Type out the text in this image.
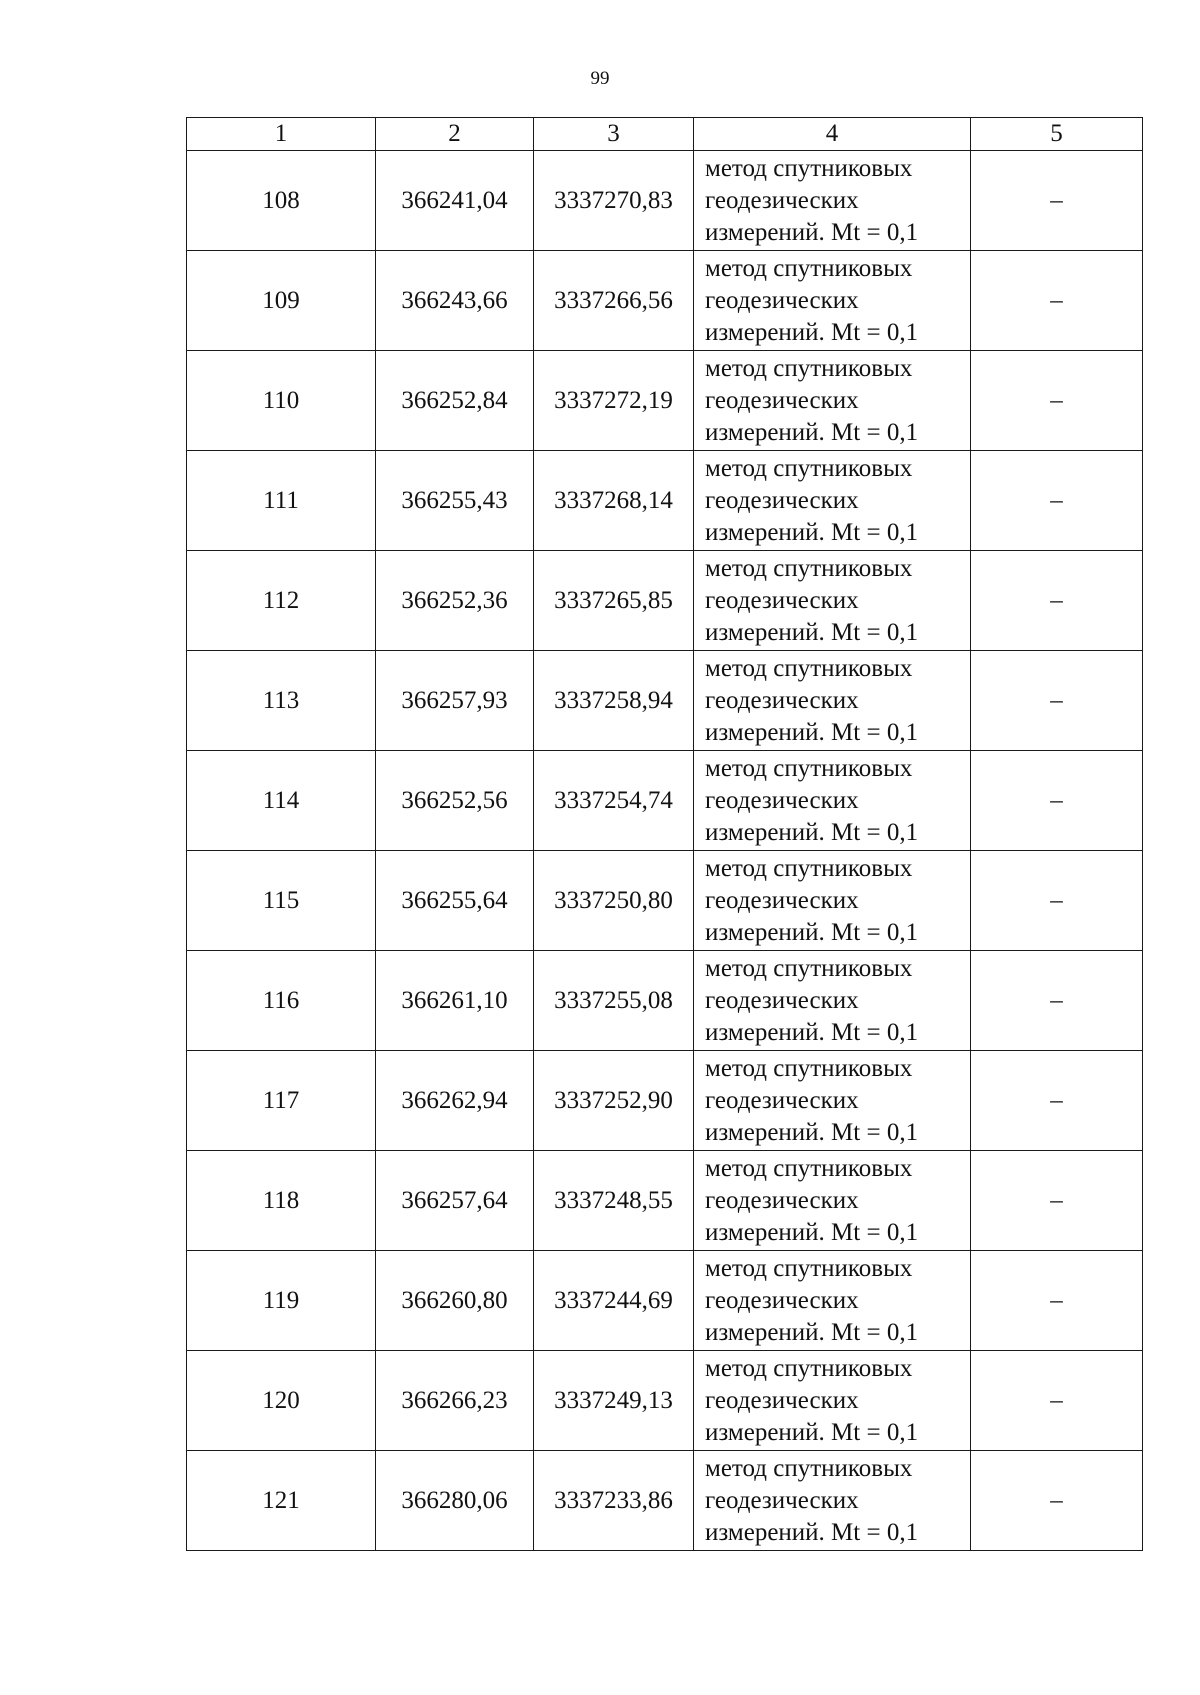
99
1	2	3	4	5
108	366241,04	3337270,83	метод спутниковых
геодезических
измерений. Mt = 0,1	–
109	366243,66	3337266,56	метод спутниковых
геодезических
измерений. Mt = 0,1	–
110	366252,84	3337272,19	метод спутниковых
геодезических
измерений. Mt = 0,1	–
111	366255,43	3337268,14	метод спутниковых
геодезических
измерений. Mt = 0,1	–
112	366252,36	3337265,85	метод спутниковых
геодезических
измерений. Mt = 0,1	–
113	366257,93	3337258,94	метод спутниковых
геодезических
измерений. Mt = 0,1	–
114	366252,56	3337254,74	метод спутниковых
геодезических
измерений. Mt = 0,1	–
115	366255,64	3337250,80	метод спутниковых
геодезических
измерений. Mt = 0,1	–
116	366261,10	3337255,08	метод спутниковых
геодезических
измерений. Mt = 0,1	–
117	366262,94	3337252,90	метод спутниковых
геодезических
измерений. Mt = 0,1	–
118	366257,64	3337248,55	метод спутниковых
геодезических
измерений. Mt = 0,1	–
119	366260,80	3337244,69	метод спутниковых
геодезических
измерений. Mt = 0,1	–
120	366266,23	3337249,13	метод спутниковых
геодезических
измерений. Mt = 0,1	–
121	366280,06	3337233,86	метод спутниковых
геодезических
измерений. Mt = 0,1	–
